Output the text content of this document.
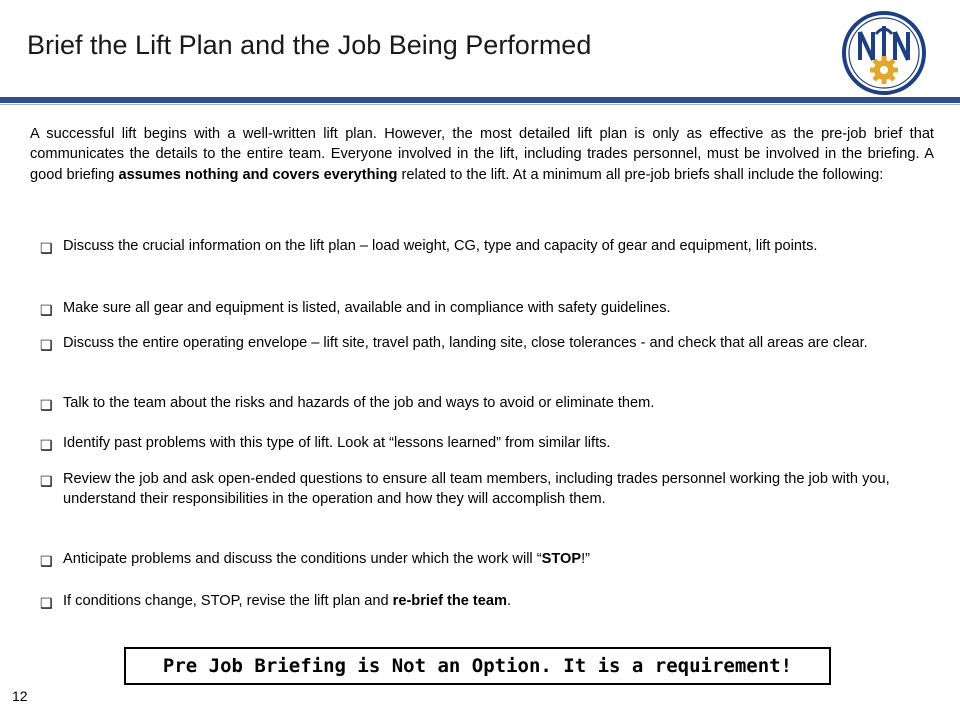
Brief the Lift Plan and the Job Being Performed
A successful lift begins with a well-written lift plan. However, the most detailed lift plan is only as effective as the pre-job brief that communicates the details to the entire team. Everyone involved in the lift, including trades personnel, must be involved in the briefing. A good briefing assumes nothing and covers everything related to the lift. At a minimum all pre-job briefs shall include the following:
❑ Discuss the crucial information on the lift plan – load weight, CG, type and capacity of gear and equipment, lift points.
❑ Make sure all gear and equipment is listed, available and in compliance with safety guidelines.
❑ Discuss the entire operating envelope – lift site, travel path, landing site, close tolerances - and check that all areas are clear.
❑ Talk to the team about the risks and hazards of the job and ways to avoid or eliminate them.
❑ Identify past problems with this type of lift. Look at “lessons learned” from similar lifts.
❑ Review the job and ask open-ended questions to ensure all team members, including trades personnel working the job with you, understand their responsibilities in the operation and how they will accomplish them.
❑ Anticipate problems and discuss the conditions under which the work will “STOP!”
❑ If conditions change, STOP, revise the lift plan and re-brief the team.
Pre Job Briefing is Not an Option. It is a requirement!
12
